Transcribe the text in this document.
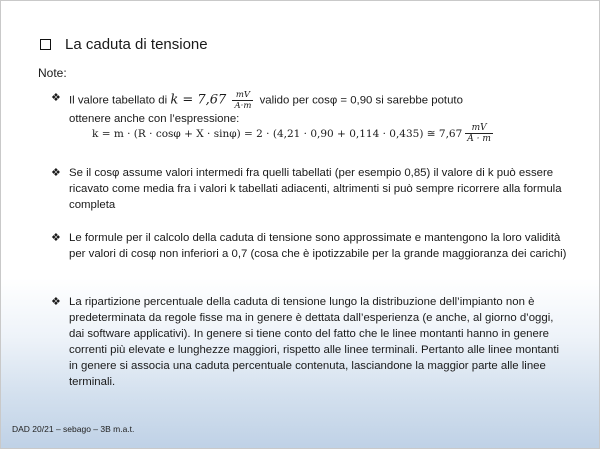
La caduta di tensione
Note:
❖ Il valore tabellato di $k = 7,67 \frac{mV}{A\cdot m}$ valido per cosφ = 0,90 si sarebbe potuto
ottenere anche con l’espressione:
k = m · (R · cosφ + X · sinφ) = 2 · (4,21 · 0,90 + 0,114 · 0,435) ≅ $7,67 \frac{mV}{A \cdot m}$
❖ Se il cosφ assume valori intermedi fra quelli tabellati (per esempio 0,85) il valore di k può essere ricavato come media fra i valori k tabellati adiacenti, altrimenti si può sempre ricorrere alla formula completa
❖ Le formule per il calcolo della caduta di tensione sono approssimate e mantengono la loro validità per valori di cosφ non inferiori a 0,7 (cosa che è ipotizzabile per la grande maggioranza dei carichi)
❖ La ripartizione percentuale della caduta di tensione lungo la distribuzione dell’impianto non è predeterminata da regole fisse ma in genere è dettata dall’esperienza (e anche, al giorno d’oggi, dai software applicativi). In genere si tiene conto del fatto che le linee montanti hanno in genere correnti più elevate e lunghezze maggiori, rispetto alle linee terminali. Pertanto alle linee montanti in genere si associa una caduta percentuale contenuta, lasciandone la maggior parte alle linee terminali.
DAD 20/21 – sebago – 3B m.a.t.
